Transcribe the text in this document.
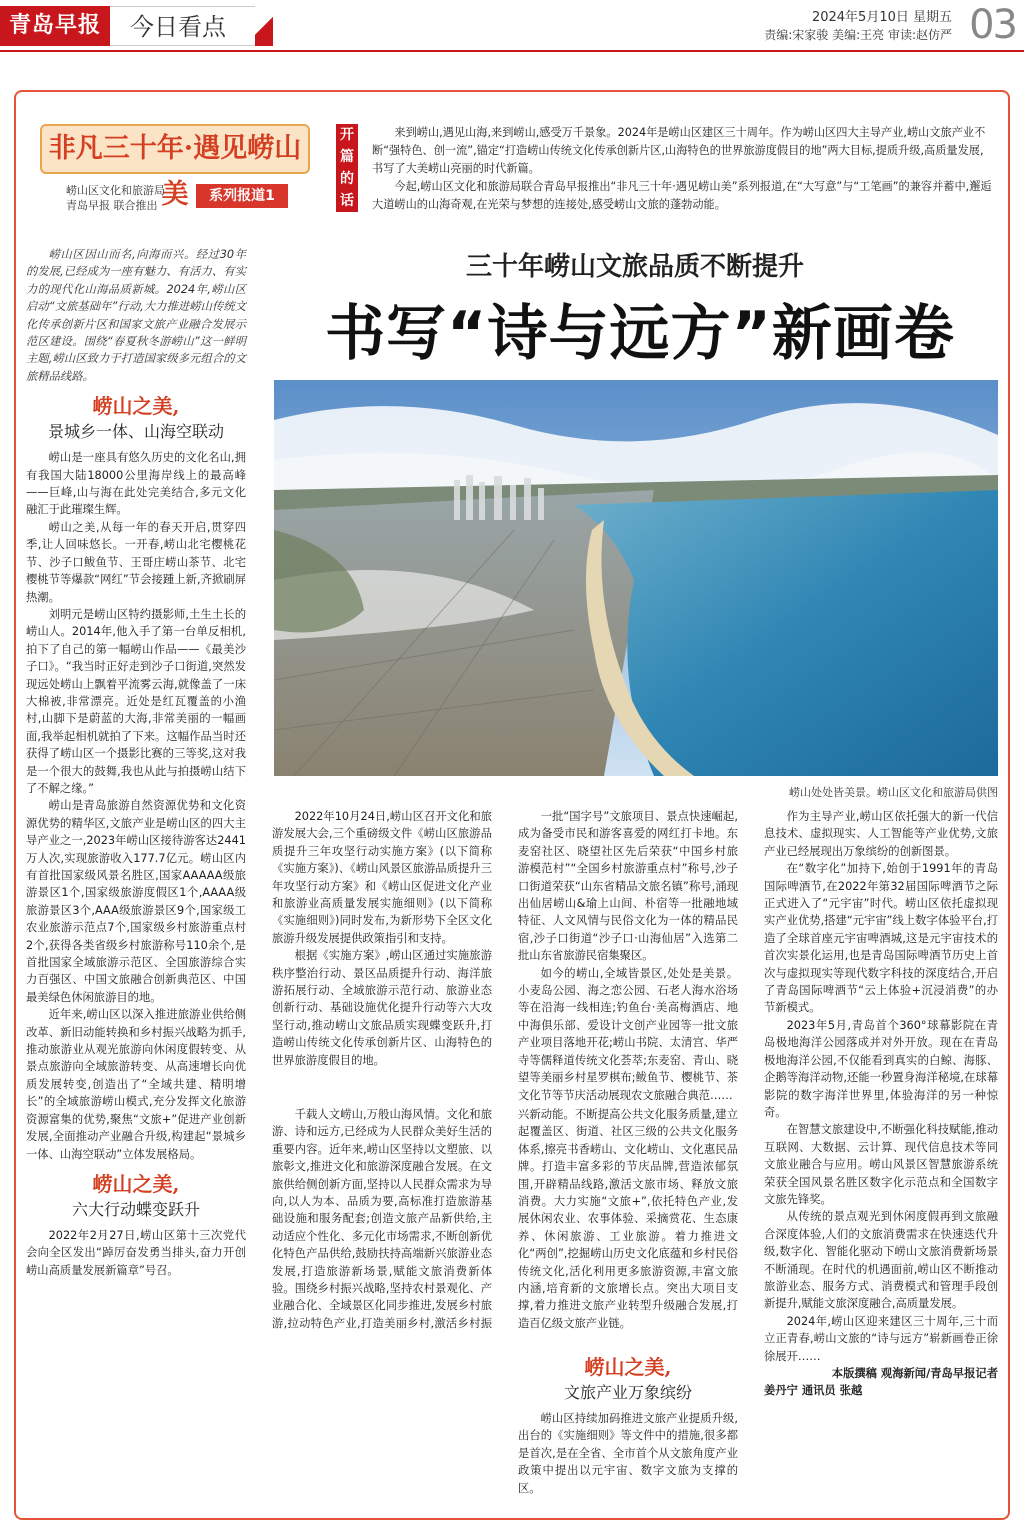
青岛早报	今日看点	2024年5月10日 星期五
责编:宋家骏 美编:王亮 审读:赵仿严 03
非凡三十年·遇见崂山美
崂山区文化和旅游局
青岛早报 联合推出
系列报道1
开篇的话
来到崂山,遇见山海,来到崂山,感受万千景象。2024年是崂山区建区三十周年。作为崂山区四大主导产业,崂山文旅产业不断“强特色、创一流”,锚定“打造崂山传统文化传承创新片区,山海特色的世界旅游度假目的地”两大目标,提质升级,高质量发展,书写了大美崂山亮丽的时代新篇。
今起,崂山区文化和旅游局联合青岛早报推出“非凡三十年·遇见崂山美”系列报道,在“大写意”与“工笔画”的兼容并蓄中,邂逅大道崂山的山海奇观,在光荣与梦想的连接处,感受崂山文旅的蓬勃动能。
三十年崂山文旅品质不断提升
书写“诗与远方”新画卷
崂山处处皆美景。崂山区文化和旅游局供图

崂山区因山而名,向海而兴。经过30年的发展,已经成为一座有魅力、有活力、有实力的现代化山海品质新城。2024年,崂山区启动“文旅基础年”行动,大力推进崂山传统文化传承创新片区和国家文旅产业融合发展示范区建设。围绕“春夏秋冬游崂山”这一鲜明主题,崂山区致力于打造国家级多元组合的文旅精品线路。

崂山之美,
景城乡一体、山海空联动

崂山是一座具有悠久历史的文化名山,拥有我国大陆18000公里海岸线上的最高峰——巨峰,山与海在此处完美结合,多元文化融汇于此璀璨生辉。

崂山之美,从每一年的春天开启,贯穿四季,让人回味悠长。一开春,崂山北宅樱桃花节、沙子口鲅鱼节、王哥庄崂山茶节、北宅樱桃节等爆款“网红”节会接踵上新,齐掀刷屏热潮。

刘明元是崂山区特约摄影师,土生土长的崂山人。2014年,他入手了第一台单反相机,拍下了自己的第一幅崂山作品——《最美沙子口》。“我当时正好走到沙子口街道,突然发现远处崂山上飘着平流雾云海,就像盖了一床大棉被,非常漂亮。近处是红瓦覆盖的小渔村,山脚下是蔚蓝的大海,非常美丽的一幅画面,我举起相机就拍了下来。这幅作品当时还获得了崂山区一个摄影比赛的三等奖,这对我是一个很大的鼓舞,我也从此与拍摄崂山结下了不解之缘。”

崂山是青岛旅游自然资源优势和文化资源优势的精华区,文旅产业是崂山区的四大主导产业之一,2023年崂山区接待游客达2441万人次,实现旅游收入177.7亿元。崂山区内有首批国家级风景名胜区,国家AAAAA级旅游景区1个,国家级旅游度假区1个,AAAA级旅游景区3个,AAA级旅游景区9个,国家级工农业旅游示范点7个,国家级乡村旅游重点村2个,获得各类省级乡村旅游称号110余个,是首批国家全域旅游示范区、全国旅游综合实力百强区、中国文旅融合创新典范区、中国最美绿色休闲旅游目的地。

近年来,崂山区以深入推进旅游业供给侧改革、新旧动能转换和乡村振兴战略为抓手,推动旅游业从观光旅游向休闲度假转变、从景点旅游向全域旅游转变、从高速增长向优质发展转变,创造出了“全域共建、精明增长”的全域旅游崂山模式,充分发挥文化旅游资源富集的优势,聚焦“文旅+”促进产业创新发展,全面推动产业融合升级,构建起“景城乡一体、山海空联动”立体发展格局。

崂山之美,
六大行动蝶变跃升

2022年2月27日,崂山区第十三次党代会向全区发出“踔厉奋发勇当排头,奋力开创崂山高质量发展新篇章”号召。

2022年10月24日,崂山区召开文化和旅游发展大会,三个重磅级文件《崂山区旅游品质提升三年攻坚行动实施方案》(以下简称《实施方案》)、《崂山风景区旅游品质提升三年攻坚行动方案》和《崂山区促进文化产业和旅游业高质量发展实施细则》(以下简称《实施细则》)同时发布,为新形势下全区文化旅游升级发展提供政策指引和支持。

根据《实施方案》,崂山区通过实施旅游秩序整治行动、景区品质提升行动、海洋旅游拓展行动、全域旅游示范行动、旅游业态创新行动、基础设施优化提升行动等六大攻坚行动,推动崂山文旅品质实现蝶变跃升,打造崂山传统文化传承创新片区、山海特色的世界旅游度假目的地。

千载人文崂山,万般山海风情。文化和旅游、诗和远方,已经成为人民群众美好生活的重要内容。近年来,崂山区坚持以文塑旅、以旅彰文,推进文化和旅游深度融合发展。在文旅供给侧创新方面,坚持以人民群众需求为导向,以人为本、品质为要,高标准打造旅游基础设施和服务配套;创造文旅产品新供给,主动适应个性化、多元化市场需求,不断创新优化特色产品供给,鼓励扶持高端新兴旅游业态发展,打造旅游新场景,赋能文旅消费新体验。围绕乡村振兴战略,坚持农村景观化、产业融合化、全域景区化同步推进,发展乡村旅游,拉动特色产业,打造美丽乡村,激活乡村振兴新动能。不断提高公共文化服务质量,建立起覆盖区、街道、社区三级的公共文化服务体系,擦亮书香崂山、文化崂山、文化惠民品牌。打造丰富多彩的节庆品牌,营造浓郁氛围,开辟精品线路,激活文旅市场、释放文旅消费。大力实施“文旅+”,依托特色产业,发展休闲农业、农事体验、采摘赏花、生态康养、休闲旅游、工业旅游。着力推进文化“两创”,挖掘崂山历史文化底蕴和乡村民俗传统文化,活化利用更多旅游资源,丰富文旅内涵,培育新的文旅增长点。突出大项目支撑,着力推进文旅产业转型升级融合发展,打造百亿级文旅产业链。

一批“国字号”文旅项目、景点快速崛起,成为备受市民和游客喜爱的网红打卡地。东麦窑社区、晓望社区先后荣获“中国乡村旅游模范村”“全国乡村旅游重点村”称号,沙子口街道荣获“山东省精品文旅名镇”称号,涌现出仙居崂山&瑜上山间、朴宿等一批融地域特征、人文风情与民俗文化为一体的精品民宿,沙子口街道“沙子口·山海仙居”入选第二批山东省旅游民宿集聚区。

如今的崂山,全域皆景区,处处是美景。小麦岛公园、海之恋公园、石老人海水浴场等在沿海一线相连;钓鱼台·美高梅酒店、地中海俱乐部、爱设计文创产业园等一批文旅产业项目落地开花;崂山书院、太清宫、华严寺等儒释道传统文化荟萃;东麦窑、青山、晓望等美丽乡村星罗棋布;鲅鱼节、樱桃节、茶文化节等节庆活动展现农文旅融合典范……

崂山之美,
文旅产业万象缤纷

崂山区持续加码推进文旅产业提质升级,出台的《实施细则》等文件中的措施,很多都是首次,是在全省、全市首个从文旅角度产业政策中提出以元宇宙、数字文旅为支撑的区。

作为主导产业,崂山区依托强大的新一代信息技术、虚拟现实、人工智能等产业优势,文旅产业已经展现出万象缤纷的创新图景。

在“数字化”加持下,始创于1991年的青岛国际啤酒节,在2022年第32届国际啤酒节之际正式进入了“元宇宙”时代。崂山区依托虚拟现实产业优势,搭建“元宇宙”线上数字体验平台,打造了全球首座元宇宙啤酒城,这是元宇宙技术的首次实景化运用,也是青岛国际啤酒节历史上首次与虚拟现实等现代数字科技的深度结合,开启了青岛国际啤酒节“云上体验+沉浸消费”的办节新模式。

2023年5月,青岛首个360°球幕影院在青岛极地海洋公园落成并对外开放。现在在青岛极地海洋公园,不仅能看到真实的白鲸、海豚、企鹅等海洋动物,还能一秒置身海洋秘境,在球幕影院的数字海洋世界里,体验海洋的另一种惊奇。

在智慧文旅建设中,不断强化科技赋能,推动互联网、大数据、云计算、现代信息技术等同文旅业融合与应用。崂山风景区智慧旅游系统荣获全国风景名胜区数字化示范点和全国数字文旅先锋奖。

从传统的景点观光到休闲度假再到文旅融合深度体验,人们的文旅消费需求在快速迭代升级,数字化、智能化驱动下崂山文旅消费新场景不断涌现。在时代的机遇面前,崂山区不断推动旅游业态、服务方式、消费模式和管理手段创新提升,赋能文旅深度融合,高质量发展。

2024年,崂山区迎来建区三十周年,三十而立正青春,崂山文旅的“诗与远方”崭新画卷正徐徐展开……

本版撰稿 观海新闻/青岛早报记者
姜丹宁 通讯员 张越
